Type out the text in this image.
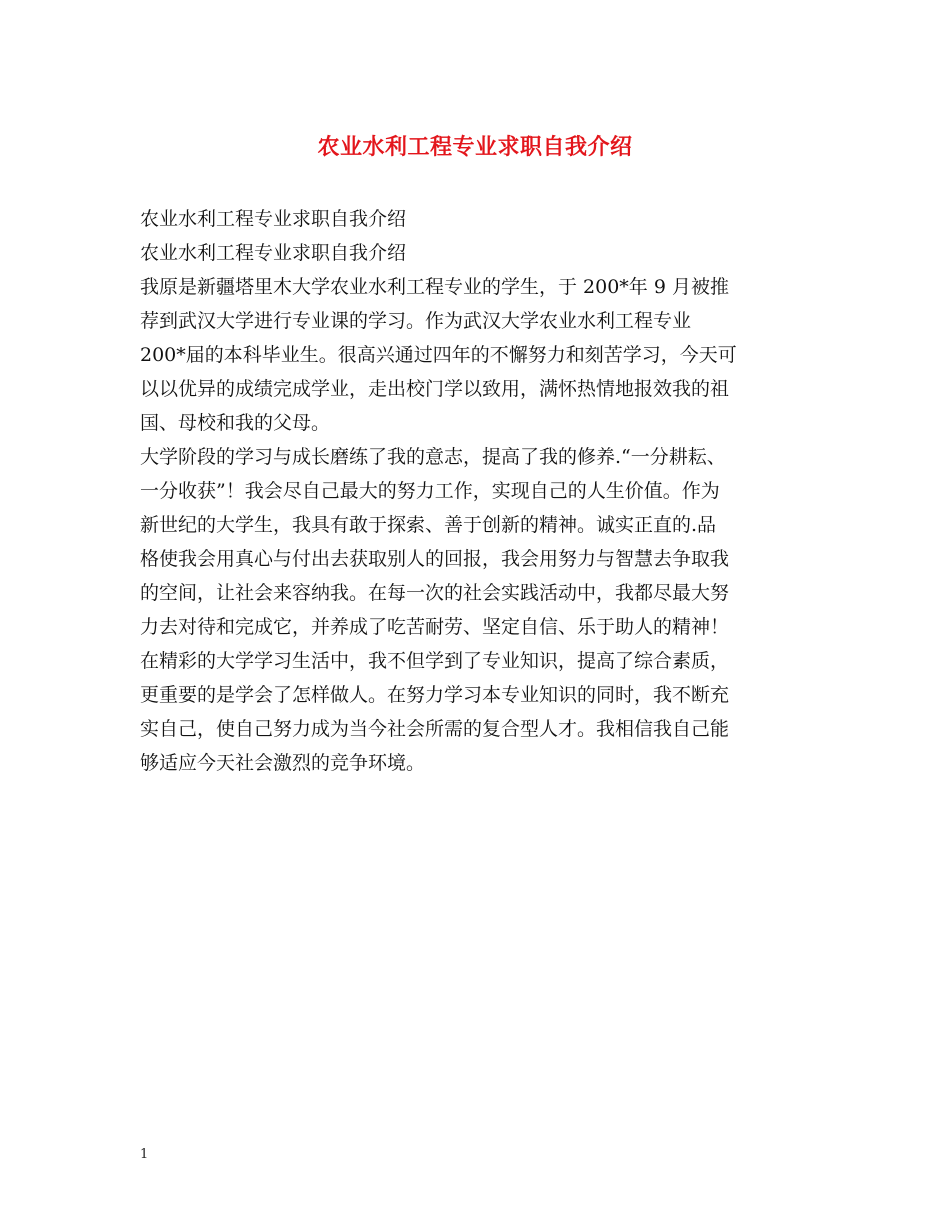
农业水利工程专业求职自我介绍
农业水利工程专业求职自我介绍
农业水利工程专业求职自我介绍
我原是新疆塔里木大学农业水利工程专业的学生，于 200*年 9 月被推
荐到武汉大学进行专业课的学习。作为武汉大学农业水利工程专业
200*届的本科毕业生。很高兴通过四年的不懈努力和刻苦学习，今天可
以以优异的成绩完成学业，走出校门学以致用，满怀热情地报效我的祖
国、母校和我的父母。
大学阶段的学习与成长磨练了我的意志，提高了我的修养.“一分耕耘、
一分收获”！我会尽自己最大的努力工作，实现自己的人生价值。作为
新世纪的大学生，我具有敢于探索、善于创新的精神。诚实正直的.品
格使我会用真心与付出去获取别人的回报，我会用努力与智慧去争取我
的空间，让社会来容纳我。在每一次的社会实践活动中，我都尽最大努
力去对待和完成它，并养成了吃苦耐劳、坚定自信、乐于助人的精神！
在精彩的大学学习生活中，我不但学到了专业知识，提高了综合素质，
更重要的是学会了怎样做人。在努力学习本专业知识的同时，我不断充
实自己，使自己努力成为当今社会所需的复合型人才。我相信我自己能
够适应今天社会激烈的竞争环境。
1
